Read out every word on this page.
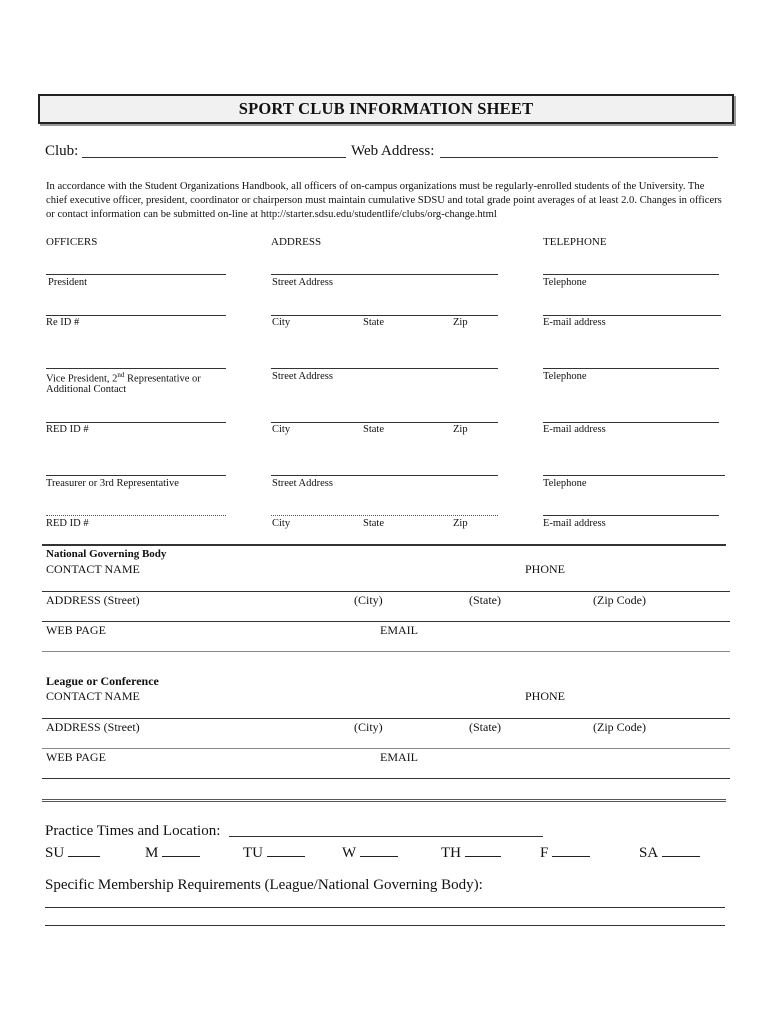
SPORT CLUB INFORMATION SHEET
Club:	Web Address:
In accordance with the Student Organizations Handbook, all officers of on-campus organizations must be regularly-enrolled students of the University. The chief executive officer, president, coordinator or chairperson must maintain cumulative SDSU and total grade point averages of at least 2.0. Changes in officers or contact information can be submitted on-line at http://starter.sdsu.edu/studentlife/clubs/org-change.html
OFFICERS	ADDRESS	TELEPHONE
President	Street Address	Telephone
Re ID #	City	State	Zip	E-mail address
Vice President, 2nd Representative or
Additional Contact
Street Address	Telephone
RED ID #	City	State	Zip	E-mail address
Treasurer or 3rd Representative	Street Address	Telephone
RED ID #	City	State	Zip	E-mail address
National Governing Body
CONTACT NAME	PHONE
ADDRESS (Street)	(City)	(State)	(Zip Code)
WEB PAGE	EMAIL
League or Conference
CONTACT NAME	PHONE
ADDRESS (Street)	(City)	(State)	(Zip Code)
WEB PAGE	EMAIL
Practice Times and Location:
SU	M	TU	W	TH	F	SA
Specific Membership Requirements (League/National Governing Body):
